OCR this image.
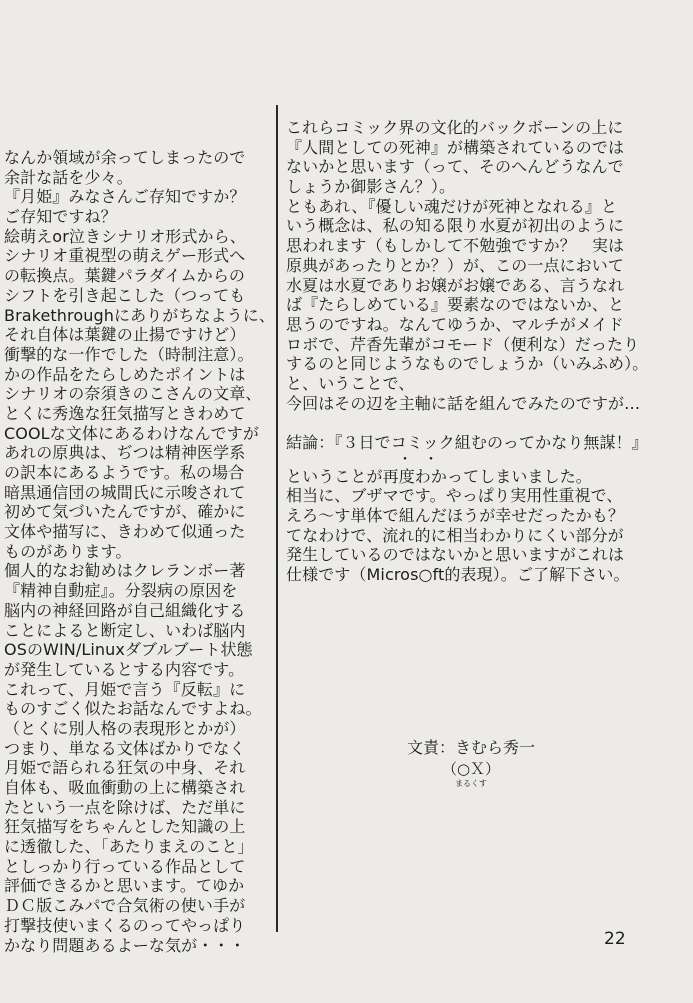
なんか領域が余ってしまったので
余計な話を少々。
『月姫』みなさんご存知ですか？
ご存知ですね？
絵萌えor泣きシナリオ形式から、
シナリオ重視型の萌えゲー形式へ
の転換点。葉鍵パラダイムからの
シフトを引き起こした（つっても
Brakethroughにありがちなように、
それ自体は葉鍵の止揚ですけど）
衝撃的な一作でした（時制注意）。
かの作品をたらしめたポイントは
シナリオの奈須きのこさんの文章、
とくに秀逸な狂気描写ときわめて
COOLな文体にあるわけなんですが
あれの原典は、ぢつは精神医学系
の訳本にあるようです。私の場合
暗黒通信団の城間氏に示唆されて
初めて気づいたんですが、確かに
文体や描写に、きわめて似通った
ものがあります。
個人的なお勧めはクレランボー著
『精神自動症』。分裂病の原因を
脳内の神経回路が自己組織化する
ことによると断定し、いわば脳内
OSのWIN/Linuxダブルブート状態
が発生しているとする内容です。
これって、月姫で言う『反転』に
ものすごく似たお話なんですよね。
（とくに別人格の表現形とかが）
つまり、単なる文体ばかりでなく
月姫で語られる狂気の中身、それ
自体も、吸血衝動の上に構築され
たという一点を除けば、ただ単に
狂気描写をちゃんとした知識の上
に透徹した、「あたりまえのこと」
としっかり行っている作品として
評価できるかと思います。てゆか
ＤＣ版こみパで合気術の使い手が
打撃技使いまくるのってやっぱり
かなり問題あるよーな気が・・・
これらコミック界の文化的バックボーンの上に
『人間としての死神』が構築されているのでは
ないかと思います（って、そのへんどうなんで
しょうか御影さん？）。
ともあれ、『優しい魂だけが死神となれる』と
いう概念は、私の知る限り水夏が初出のように
思われます（もしかして不勉強ですか？　実は
原典があったりとか？）が、この一点において
水夏は水夏でありお嬢がお嬢である、言うなれ
ば『たらしめている』要素なのではないか、と
思うのですね。なんてゆうか、マルチがメイド
ロボで、芹香先輩がコモード（便利な）だったり
するのと同じようなものでしょうか（いみふめ）。
と、いうことで、
今回はその辺を主軸に話を組んでみたのですが…
結論：『３日でコミック組むのってかなり無謀！』
・・
ということが再度わかってしまいました。
相当に、ブザマです。やっぱり実用性重視で、
えろ～す単体で組んだほうが幸せだったかも？
てなわけで、流れ的に相当わかりにくい部分が
発生しているのではないかと思いますがこれは
仕様です（Micros○ft的表現）。ご了解下さい。
文責：きむら秀一
（○Ｘ）
まるくす
22
